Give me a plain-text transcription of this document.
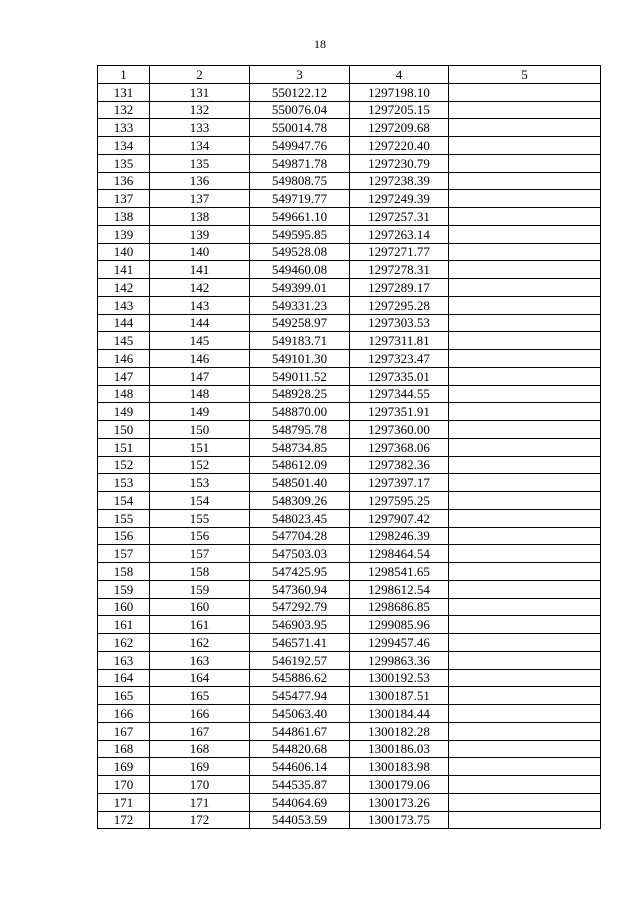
18
1	2	3	4	5
131	131	550122.12	1297198.10	
132	132	550076.04	1297205.15	
133	133	550014.78	1297209.68	
134	134	549947.76	1297220.40	
135	135	549871.78	1297230.79	
136	136	549808.75	1297238.39	
137	137	549719.77	1297249.39	
138	138	549661.10	1297257.31	
139	139	549595.85	1297263.14	
140	140	549528.08	1297271.77	
141	141	549460.08	1297278.31	
142	142	549399.01	1297289.17	
143	143	549331.23	1297295.28	
144	144	549258.97	1297303.53	
145	145	549183.71	1297311.81	
146	146	549101.30	1297323.47	
147	147	549011.52	1297335.01	
148	148	548928.25	1297344.55	
149	149	548870.00	1297351.91	
150	150	548795.78	1297360.00	
151	151	548734.85	1297368.06	
152	152	548612.09	1297382.36	
153	153	548501.40	1297397.17	
154	154	548309.26	1297595.25	
155	155	548023.45	1297907.42	
156	156	547704.28	1298246.39	
157	157	547503.03	1298464.54	
158	158	547425.95	1298541.65	
159	159	547360.94	1298612.54	
160	160	547292.79	1298686.85	
161	161	546903.95	1299085.96	
162	162	546571.41	1299457.46	
163	163	546192.57	1299863.36	
164	164	545886.62	1300192.53	
165	165	545477.94	1300187.51	
166	166	545063.40	1300184.44	
167	167	544861.67	1300182.28	
168	168	544820.68	1300186.03	
169	169	544606.14	1300183.98	
170	170	544535.87	1300179.06	
171	171	544064.69	1300173.26	
172	172	544053.59	1300173.75	
